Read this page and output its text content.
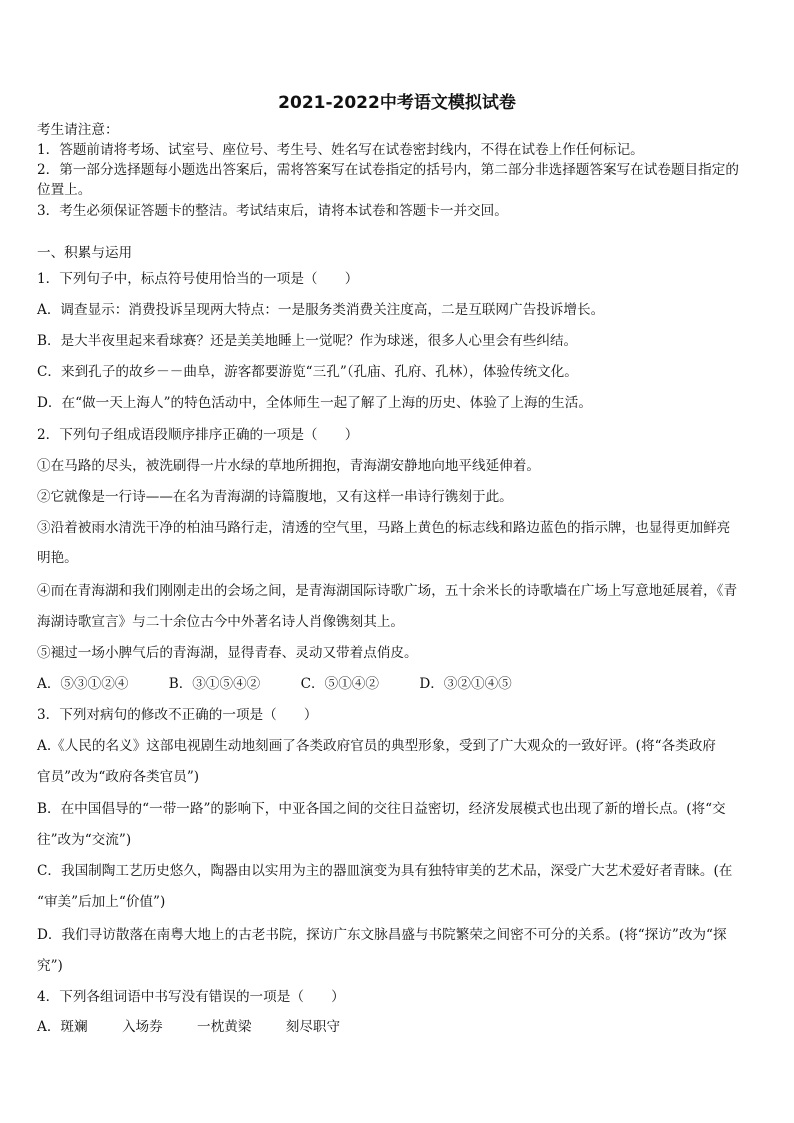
2021-2022中考语文模拟试卷
考生请注意：
1．答题前请将考场、试室号、座位号、考生号、姓名写在试卷密封线内，不得在试卷上作任何标记。
2．第一部分选择题每小题选出答案后，需将答案写在试卷指定的括号内，第二部分非选择题答案写在试卷题目指定的
位置上。
3．考生必须保证答题卡的整洁。考试结束后，请将本试卷和答题卡一并交回。
一、积累与运用
1．下列句子中，标点符号使用恰当的一项是（　　）
A．调查显示：消费投诉呈现两大特点：一是服务类消费关注度高，二是互联网广告投诉增长。
B．是大半夜里起来看球赛？还是美美地睡上一觉呢？作为球迷，很多人心里会有些纠结。
C．来到孔子的故乡－－曲阜，游客都要游览“三孔”（孔庙、孔府、孔林），体验传统文化。
D．在“做一天上海人”的特色活动中，全体师生一起了解了上海的历史、体验了上海的生活。
2．下列句子组成语段顺序排序正确的一项是（　　）
①在马路的尽头，被洗刷得一片水绿的草地所拥抱，青海湖安静地向地平线延伸着。
②它就像是一行诗——在名为青海湖的诗篇腹地，又有这样一串诗行镌刻于此。
③沿着被雨水清洗干净的柏油马路行走，清透的空气里，马路上黄色的标志线和路边蓝色的指示牌，也显得更加鲜亮
明艳。
④而在青海湖和我们刚刚走出的会场之间，是青海湖国际诗歌广场，五十余米长的诗歌墙在广场上写意地延展着，《青
海湖诗歌宣言》与二十余位古今中外著名诗人肖像镌刻其上。
⑤褪过一场小脾气后的青海湖，显得青春、灵动又带着点俏皮。
A．⑤③①②④	B．③①⑤④②	C．⑤①④②	D．③②①④⑤
3．下列对病句的修改不正确的一项是（　　）
A.《人民的名义》这部电视剧生动地刻画了各类政府官员的典型形象，受到了广大观众的一致好评。(将“各类政府
官员”改为“政府各类官员”)
B．在中国倡导的“一带一路”的影响下，中亚各国之间的交往日益密切，经济发展模式也出现了新的增长点。(将“交
往”改为“交流”)
C．我国制陶工艺历史悠久，陶器由以实用为主的器皿演变为具有独特审美的艺术品，深受广大艺术爱好者青睐。(在
“审美”后加上“价值”)
D．我们寻访散落在南粤大地上的古老书院，探访广东文脉昌盛与书院繁荣之间密不可分的关系。(将“探访”改为“探
究”)
4．下列各组词语中书写没有错误的一项是（　　）
A．斑斓	入场券	一枕黄梁	刻尽职守
